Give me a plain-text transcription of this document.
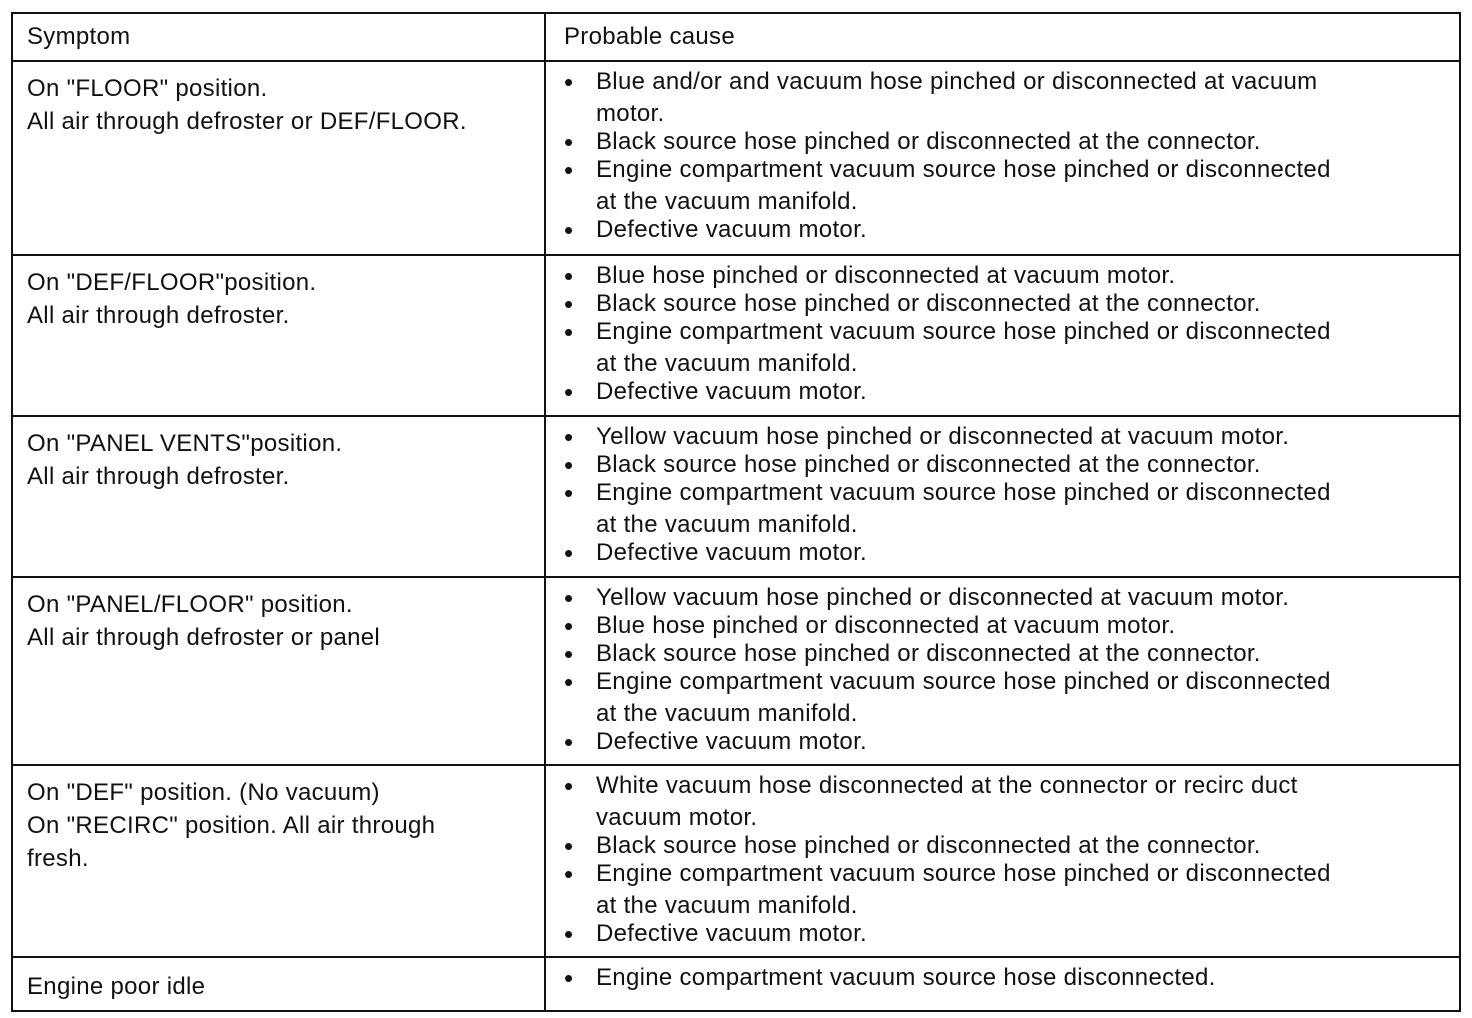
Symptom	Probable cause
On "FLOOR" position.
All air through defroster or DEF/FLOOR.
• Blue and/or and vacuum hose pinched or disconnected at vacuum
motor.
• Black source hose pinched or disconnected at the connector.
• Engine compartment vacuum source hose pinched or disconnected
at the vacuum manifold.
• Defective vacuum motor.
On "DEF/FLOOR"position.
All air through defroster.
• Blue hose pinched or disconnected at vacuum motor.
• Black source hose pinched or disconnected at the connector.
• Engine compartment vacuum source hose pinched or disconnected
at the vacuum manifold.
• Defective vacuum motor.
On "PANEL VENTS"position.
All air through defroster.
• Yellow vacuum hose pinched or disconnected at vacuum motor.
• Black source hose pinched or disconnected at the connector.
• Engine compartment vacuum source hose pinched or disconnected
at the vacuum manifold.
• Defective vacuum motor.
On "PANEL/FLOOR" position.
All air through defroster or panel
• Yellow vacuum hose pinched or disconnected at vacuum motor.
• Blue hose pinched or disconnected at vacuum motor.
• Black source hose pinched or disconnected at the connector.
• Engine compartment vacuum source hose pinched or disconnected
at the vacuum manifold.
• Defective vacuum motor.
On "DEF" position. (No vacuum)
On "RECIRC" position. All air through
fresh.
• White vacuum hose disconnected at the connector or recirc duct
vacuum motor.
• Black source hose pinched or disconnected at the connector.
• Engine compartment vacuum source hose pinched or disconnected
at the vacuum manifold.
• Defective vacuum motor.
Engine poor idle	• Engine compartment vacuum source hose disconnected.
